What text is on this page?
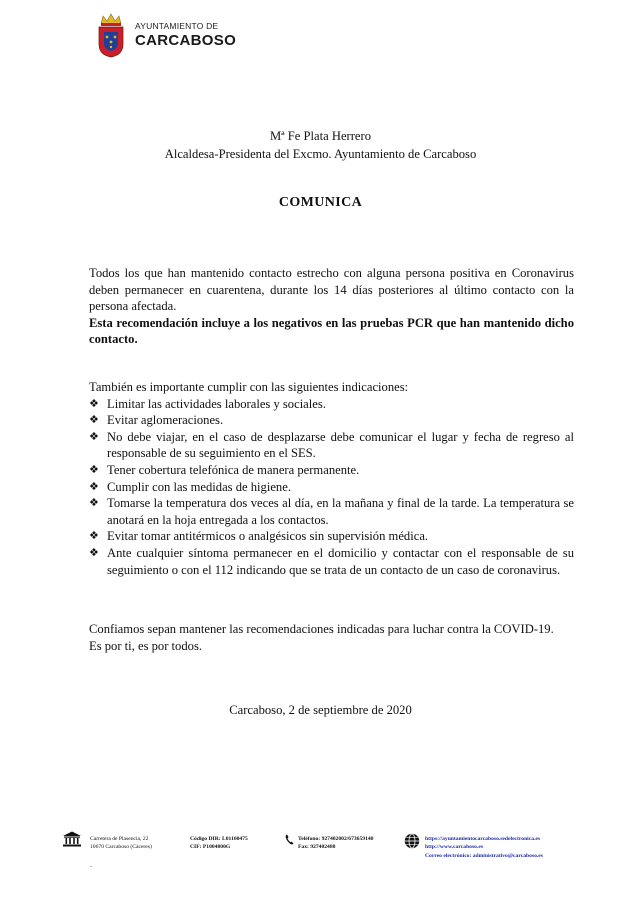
AYUNTAMIENTO DE
CARCABOSO
Mª Fe Plata Herrero
Alcaldesa-Presidenta del Excmo. Ayuntamiento de Carcaboso
COMUNICA
Todos los que han mantenido contacto estrecho con alguna persona positiva en Coronavirus deben permanecer en cuarentena, durante los 14 días posteriores al último contacto con la persona afectada.
Esta recomendación incluye a los negativos en las pruebas PCR que han mantenido dicho contacto.
También es importante cumplir con las siguientes indicaciones:
❖ Limitar las actividades laborales y sociales.
❖ Evitar aglomeraciones.
❖ No debe viajar, en el caso de desplazarse debe comunicar el lugar y fecha de regreso al responsable de su seguimiento en el SES.
❖ Tener cobertura telefónica de manera permanente.
❖ Cumplir con las medidas de higiene.
❖ Tomarse la temperatura dos veces al día, en la mañana y final de la tarde. La temperatura se anotará en la hoja entregada a los contactos.
❖ Evitar tomar antitérmicos o analgésicos sin supervisión médica.
❖ Ante cualquier síntoma permanecer en el domicilio y contactar con el responsable de su seguimiento o con el 112 indicando que se trata de un contacto de un caso de coronavirus.
Confiamos sepan mantener las recomendaciones indicadas para luchar contra la COVID-19.
Es por ti, es por todos.
Carcaboso, 2 de septiembre de 2020
Carretera de Plasencia, 22
10670 Carcaboso (Cáceres)
Código DIR: L01100475
CIF: P1004800G
Teléfono: 927402002/673659140
Fax: 927402480
https://ayuntamientocarcaboso.sedelectronica.es
http://www.carcaboso.es
Correo electrónico: administrativo@carcaboso.es
.
